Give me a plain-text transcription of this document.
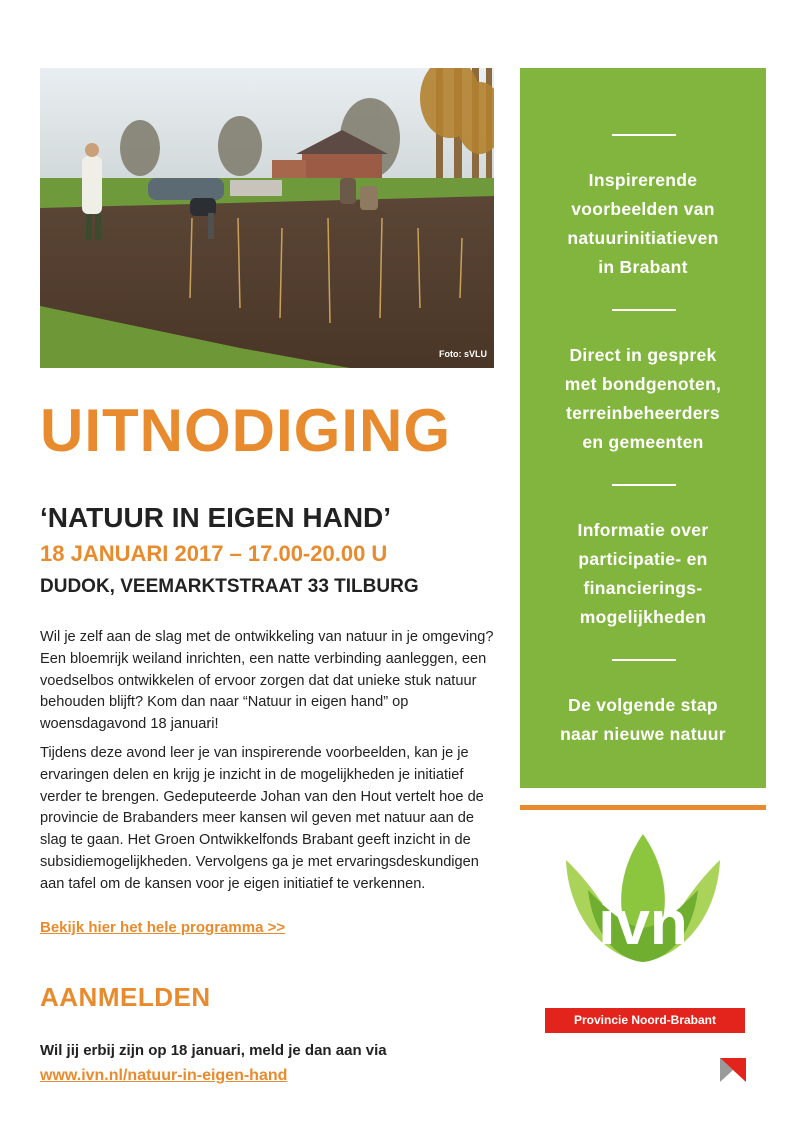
Foto: sVLU
UITNODIGING
‘NATUUR IN EIGEN HAND’
18 JANUARI 2017 – 17.00-20.00 U
DUDOK, VEEMARKTSTRAAT 33 TILBURG

Wil je zelf aan de slag met de ontwikkeling van natuur in je omgeving? Een bloemrijk weiland inrichten, een natte verbinding aanleggen, een voedselbos ontwikkelen of ervoor zorgen dat dat unieke stuk natuur behouden blijft? Kom dan naar “Natuur in eigen hand” op woensdagavond 18 januari!

Tijdens deze avond leer je van inspirerende voorbeelden, kan je je ervaringen delen en krijg je inzicht in de mogelijkheden je initiatief verder te brengen. Gedeputeerde Johan van den Hout vertelt hoe de provincie de Brabanders meer kansen wil geven met natuur aan de slag te gaan. Het Groen Ontwikkelfonds Brabant geeft inzicht in de subsidiemogelijkheden. Vervolgens ga je met ervaringsdeskundigen aan tafel om de kansen voor je eigen initiatief te verkennen.

Bekijk hier het hele programma >>
AANMELDEN
Wil jij erbij zijn op 18 januari, meld je dan aan via
www.ivn.nl/natuur-in-eigen-hand
Inspirerende
voorbeelden van
natuurinitiatieven
in Brabant
Direct in gesprek
met bondgenoten,
terreinbeheerders
en gemeenten
Informatie over
participatie- en
financierings-
mogelijkheden
De volgende stap
naar nieuwe natuur
ivn
Provincie Noord-Brabant
